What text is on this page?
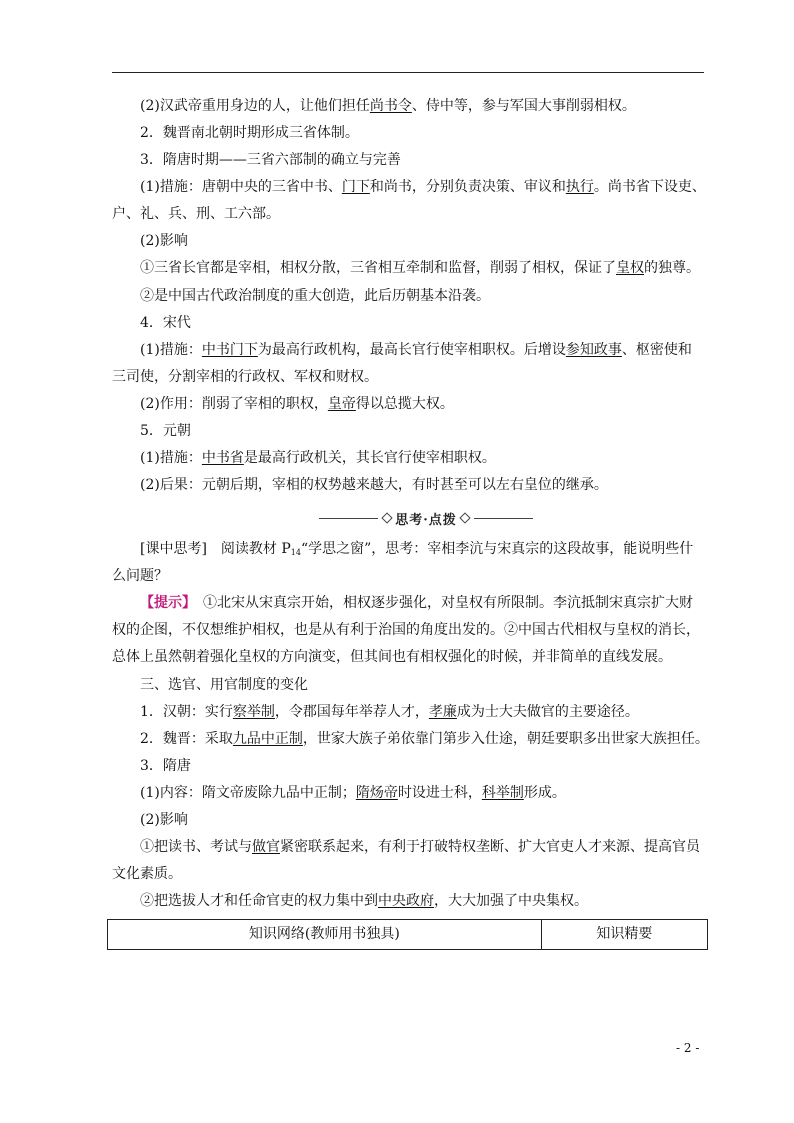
(2)汉武帝重用身边的人，让他们担任尚书令、侍中等，参与军国大事削弱相权。
2．魏晋南北朝时期形成三省体制。
3．隋唐时期——三省六部制的确立与完善
(1)措施：唐朝中央的三省中书、门下和尚书，分别负责决策、审议和执行。尚书省下设吏、
户、礼、兵、刑、工六部。
(2)影响
①三省长官都是宰相，相权分散，三省相互牵制和监督，削弱了相权，保证了皇权的独尊。
②是中国古代政治制度的重大创造，此后历朝基本沿袭。
4．宋代
(1)措施：中书门下为最高行政机构，最高长官行使宰相职权。后增设参知政事、枢密使和
三司使，分割宰相的行政权、军权和财权。
(2)作用：削弱了宰相的职权，皇帝得以总揽大权。
5．元朝
(1)措施：中书省是最高行政机关，其长官行使宰相职权。
(2)后果：元朝后期，宰相的权势越来越大，有时甚至可以左右皇位的继承。
思考·点拨
[课中思考]　阅读教材 $P_{14}“$学思之窗”，思考：宰相李沆与宋真宗的这段故事，能说明些什
么问题？
【提示】　①北宋从宋真宗开始，相权逐步强化，对皇权有所限制。李沆抵制宋真宗扩大财
权的企图，不仅想维护相权，也是从有利于治国的角度出发的。②中国古代相权与皇权的消长，
总体上虽然朝着强化皇权的方向演变，但其间也有相权强化的时候，并非简单的直线发展。
三、选官、用官制度的变化
1．汉朝：实行察举制，令郡国每年举荐人才，孝廉成为士大夫做官的主要途径。
2．魏晋：采取九品中正制，世家大族子弟依靠门第步入仕途，朝廷要职多出世家大族担任。
3．隋唐
(1)内容：隋文帝废除九品中正制；隋炀帝时设进士科，科举制形成。
(2)影响
①把读书、考试与做官紧密联系起来，有利于打破特权垄断、扩大官吏人才来源、提高官员
文化素质。
②把选拔人才和任命官吏的权力集中到中央政府，大大加强了中央集权。
知识网络(教师用书独具)	知识精要
- 2 -
